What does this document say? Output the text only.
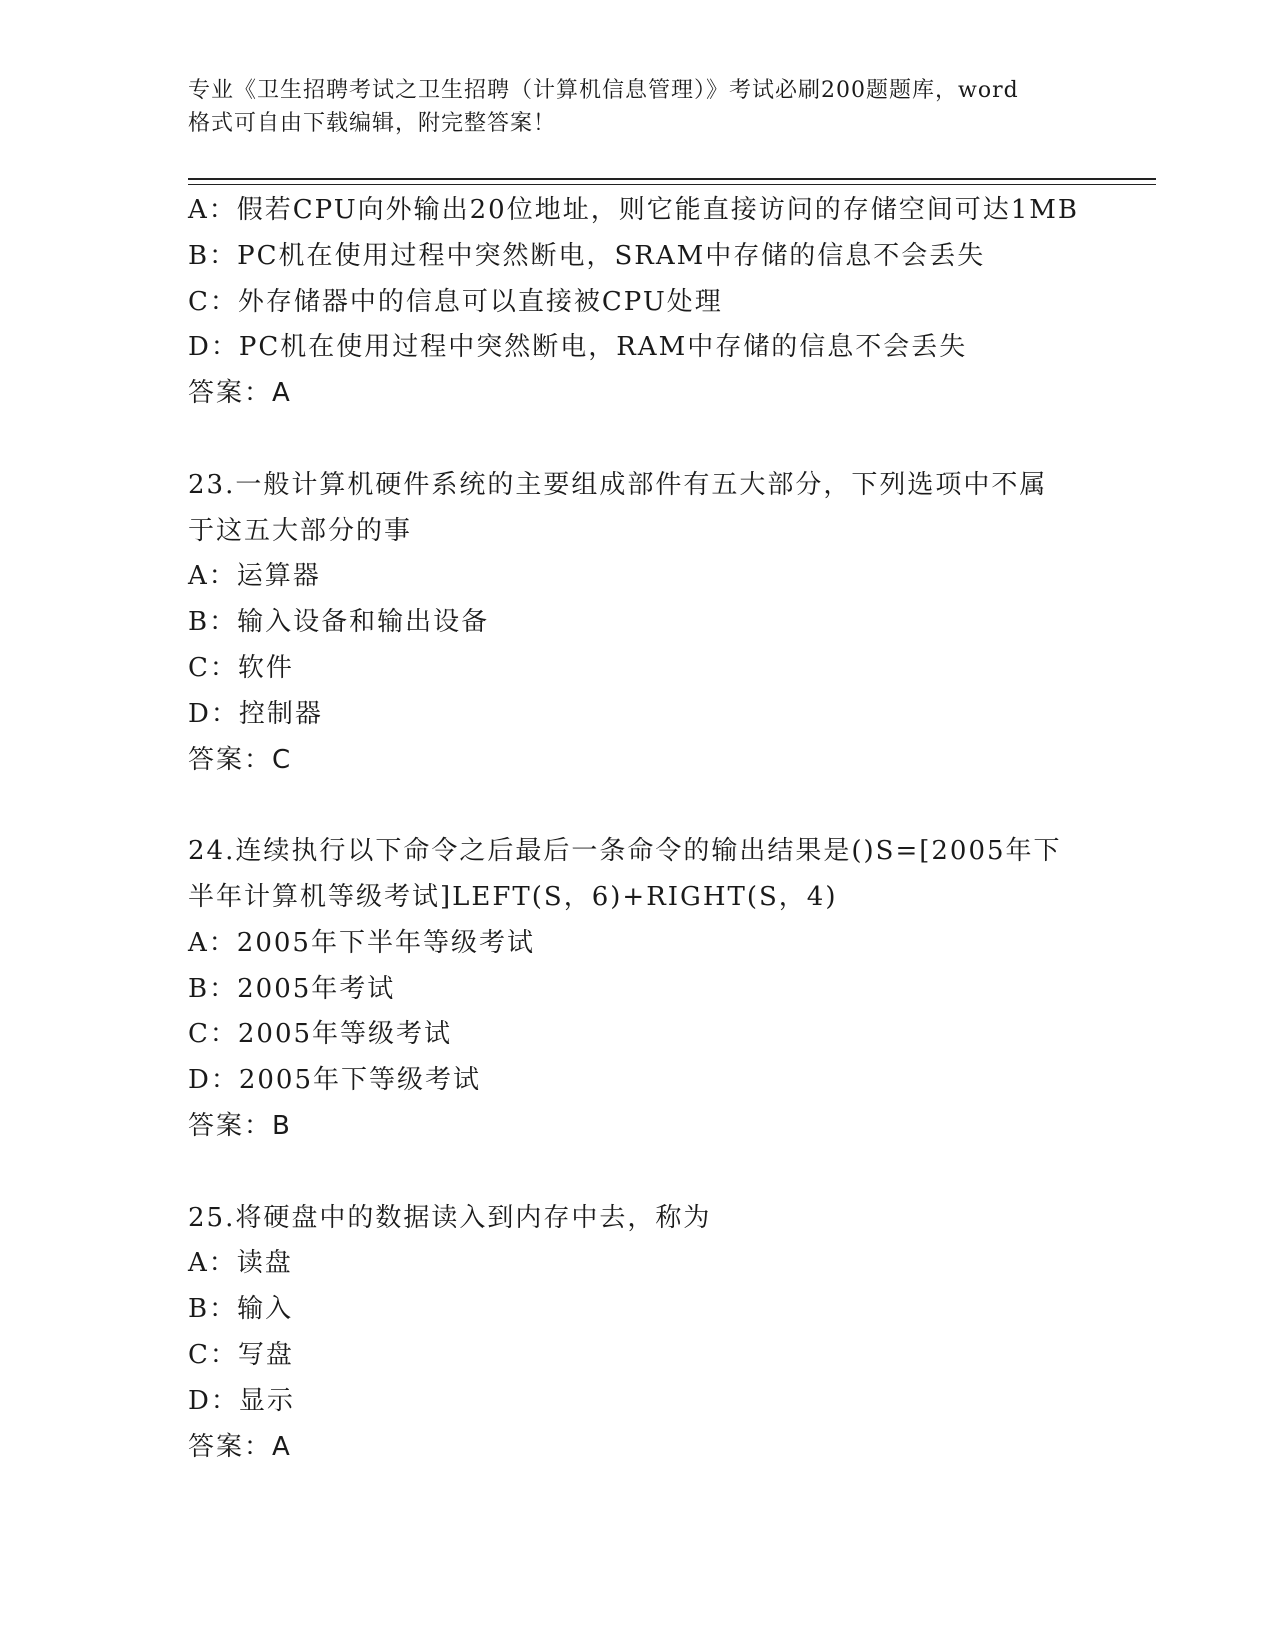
专业《卫生招聘考试之卫生招聘（计算机信息管理）》考试必刷200题题库，word
格式可自由下载编辑，附完整答案！
A：假若CPU向外输出20位地址，则它能直接访问的存储空间可达1MB
B：PC机在使用过程中突然断电，SRAM中存储的信息不会丢失
C：外存储器中的信息可以直接被CPU处理
D：PC机在使用过程中突然断电，RAM中存储的信息不会丢失
答案：A
23.一般计算机硬件系统的主要组成部件有五大部分，下列选项中不属
于这五大部分的事
A：运算器
B：输入设备和输出设备
C：软件
D：控制器
答案：C
24.连续执行以下命令之后最后一条命令的输出结果是()S=[2005年下
半年计算机等级考试]LEFT(S，6)+RIGHT(S，4)
A：2005年下半年等级考试
B：2005年考试
C：2005年等级考试
D：2005年下等级考试
答案：B
25.将硬盘中的数据读入到内存中去，称为
A：读盘
B：输入
C：写盘
D：显示
答案：A
